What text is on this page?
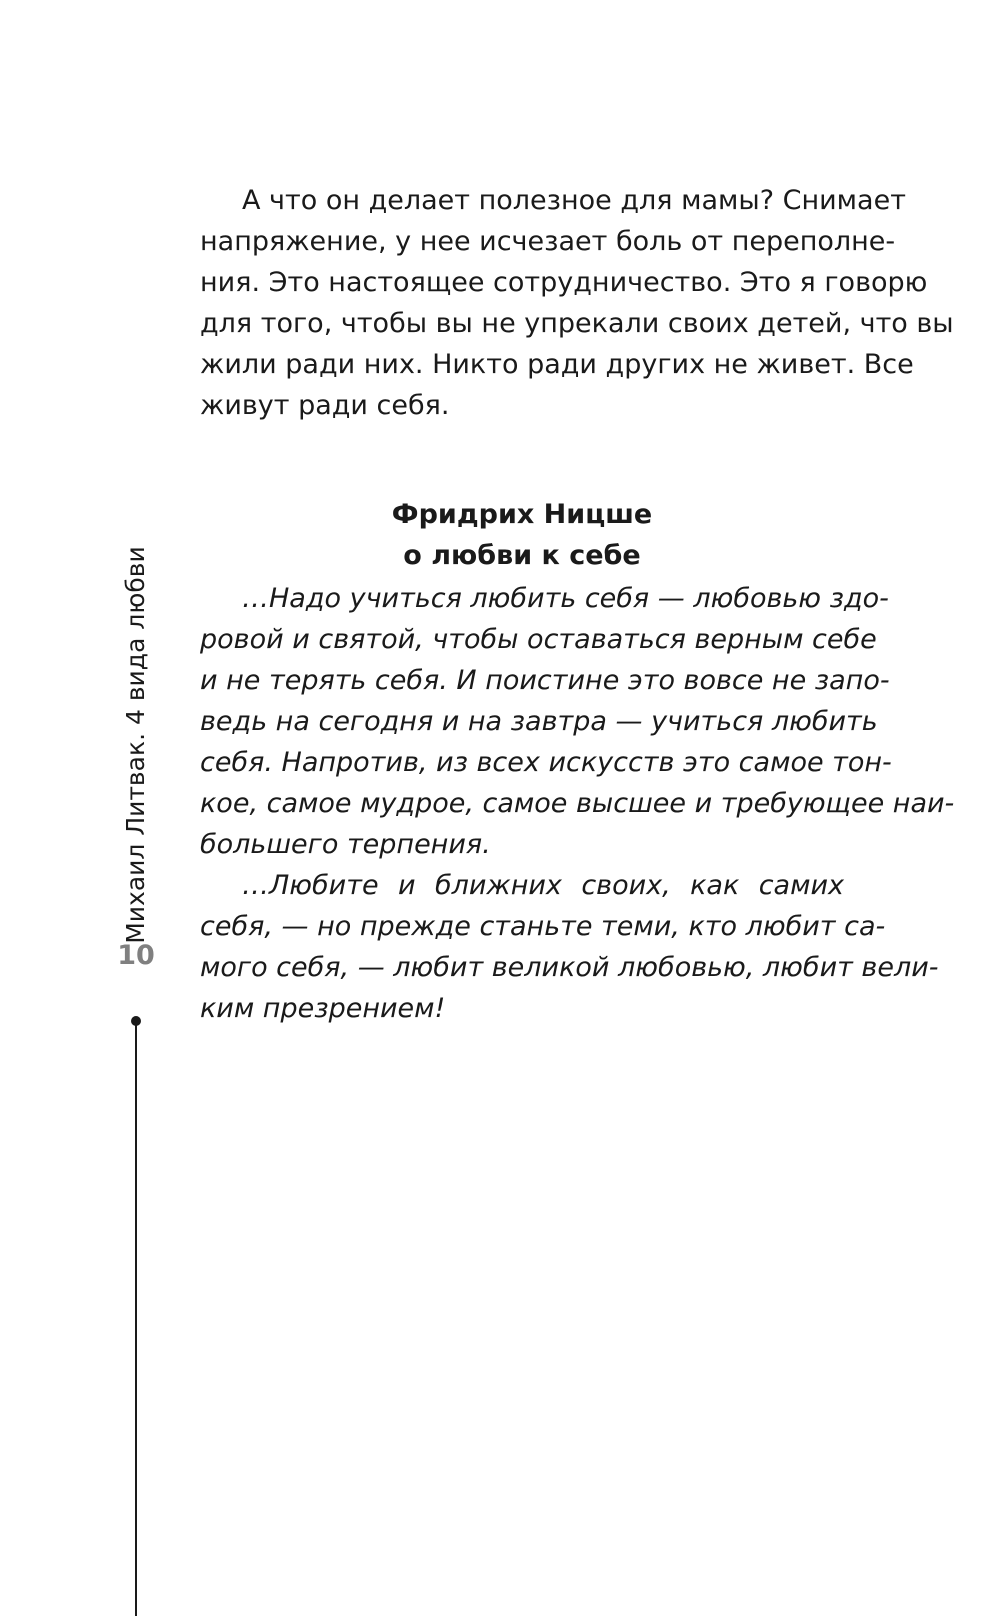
А что он делает полезное для мамы? Снимает
напряжение, у нее исчезает боль от переполне-
ния. Это настоящее сотрудничество. Это я говорю
для того, чтобы вы не упрекали своих детей, что вы
жили ради них. Никто ради других не живет. Все
живут ради себя.
Фридрих Ницше
о любви к себе
…Надо учиться любить себя — любовью здо-
ровой и святой, чтобы оставаться верным себе
и не терять себя. И поистине это вовсе не запо-
ведь на сегодня и на завтра — учиться любить
себя. Напротив, из всех искусств это самое тон-
кое, самое мудрое, самое высшее и требующее наи-
большего терпения.
…Любите и ближних своих, как самих
себя, — но прежде станьте теми, кто любит са-
мого себя, — любит великой любовью, любит вели-
ким презрением!
Михаил Литвак. 4 вида любви
10
